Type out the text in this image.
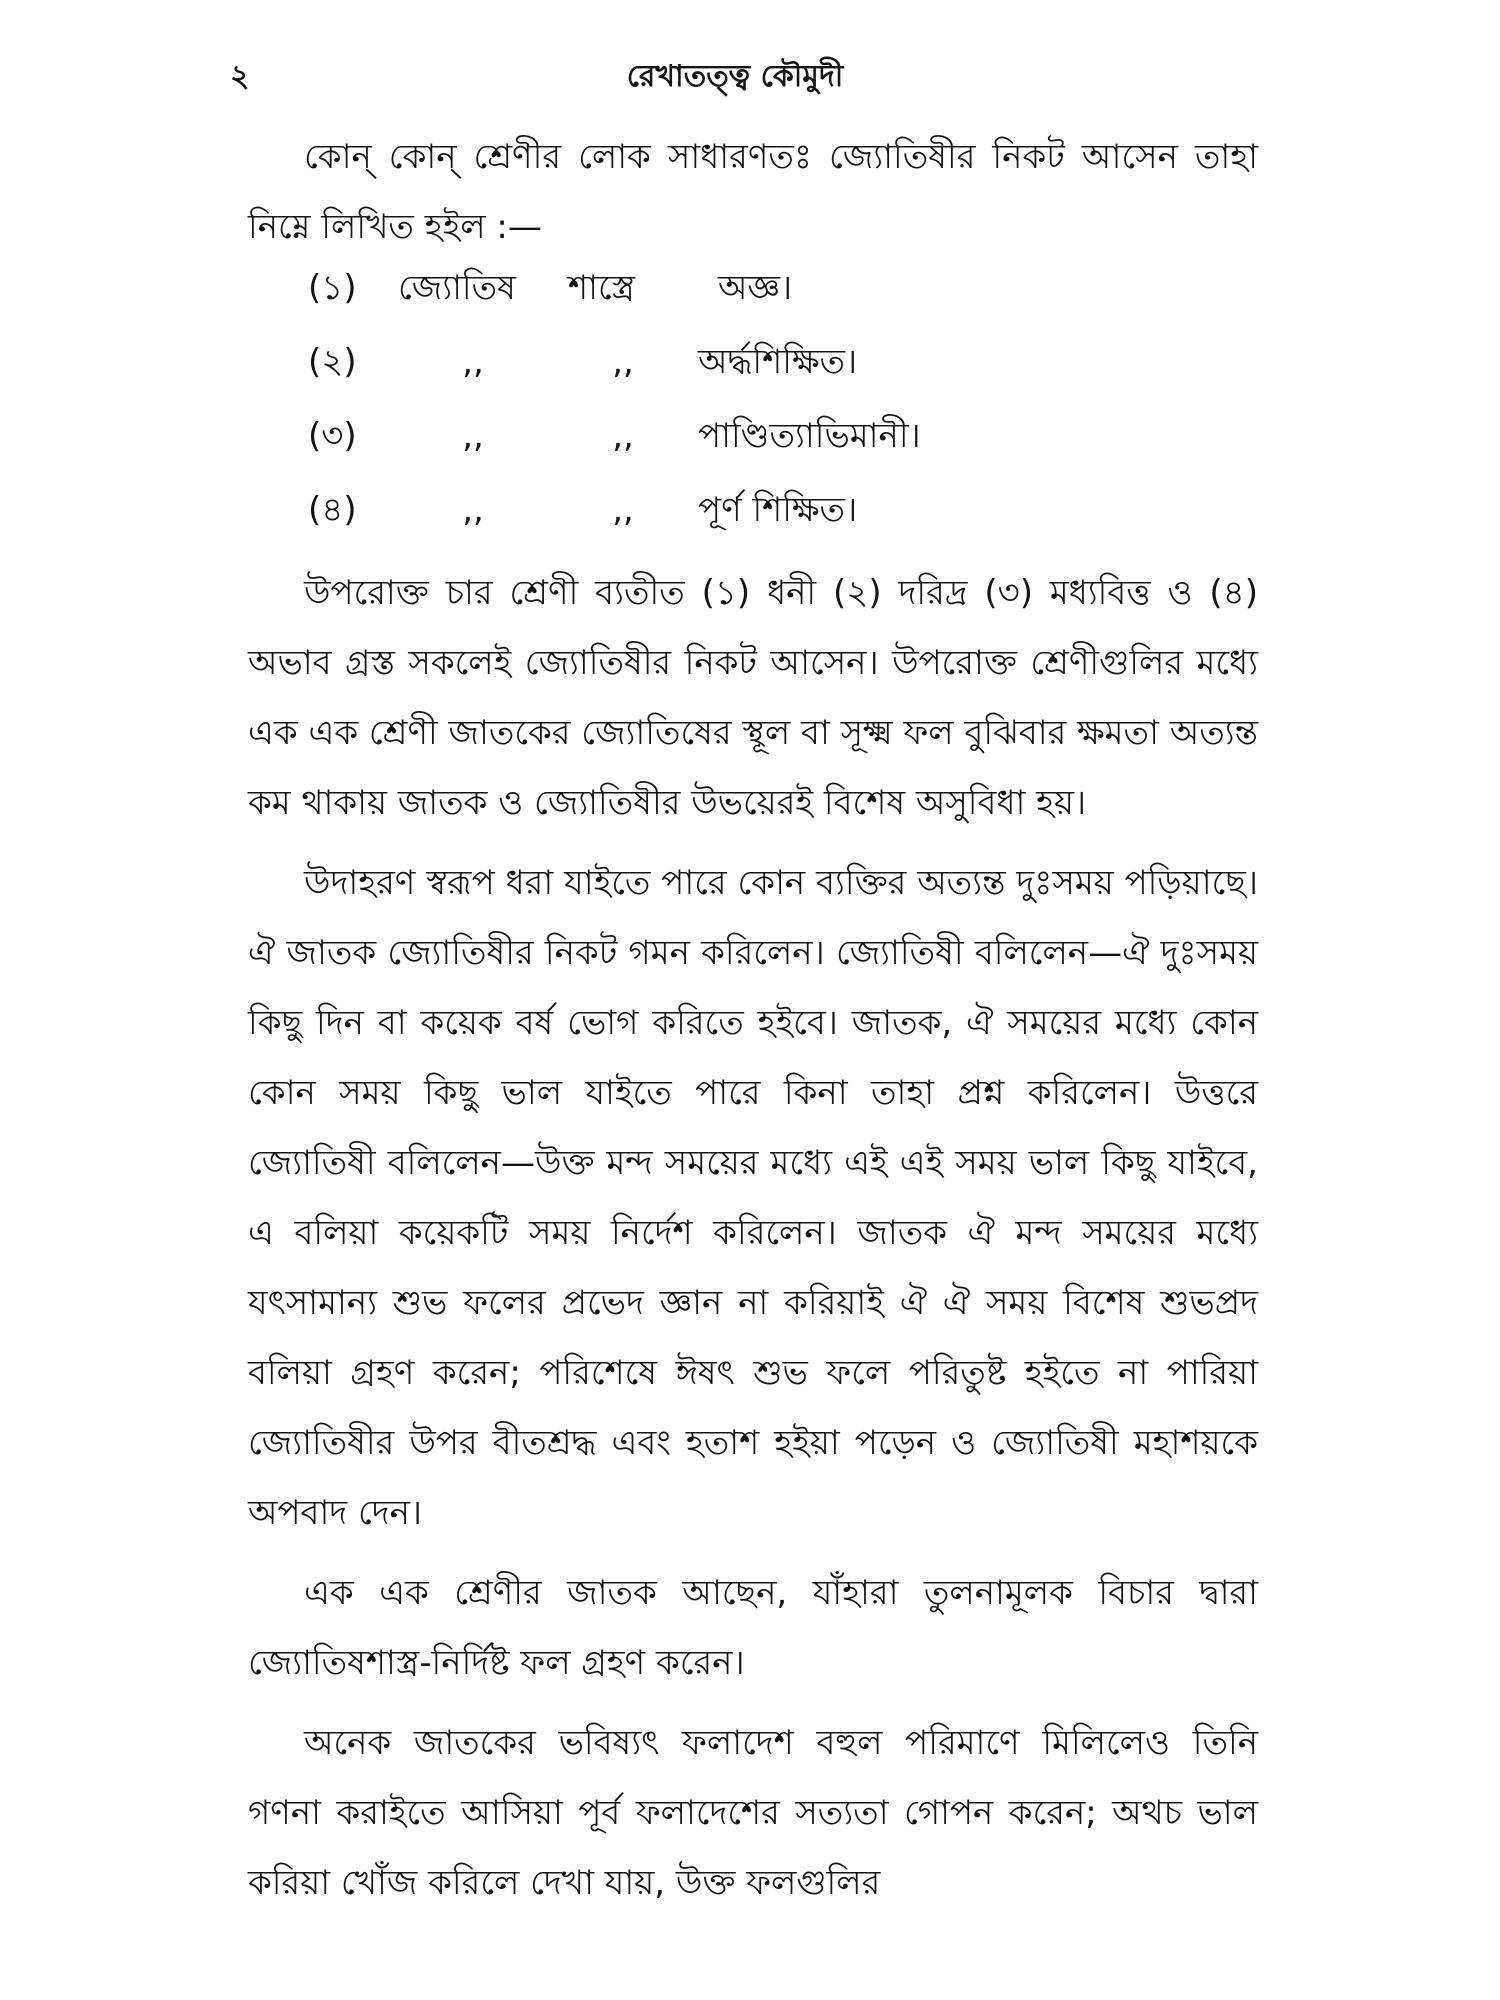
২	রেখাতত্ত্ব কৌমুদী

কোন্ কোন্ শ্রেণীর লোক সাধারণতঃ জ্যোতিষীর নিকট আসেন তাহা নিম্নে লিখিত হইল :—

(১)	জ্যোতিষ	শাস্ত্রে	অজ্ঞ।
(২)	,,	,,	অর্দ্ধশিক্ষিত।
(৩)	,,	,,	পাণ্ডিত্যাভিমানী।
(৪)	,,	,,	পূর্ণ শিক্ষিত।

উপরোক্ত চার শ্রেণী ব্যতীত (১) ধনী (২) দরিদ্র (৩) মধ্যবিত্ত ও (৪) অভাব গ্রস্ত সকলেই জ্যোতিষীর নিকট আসেন। উপরোক্ত শ্রেণীগুলির মধ্যে এক এক শ্রেণী জাতকের জ্যোতিষের স্থূল বা সূক্ষ্ম ফল বুঝিবার ক্ষমতা অত্যন্ত কম থাকায় জাতক ও জ্যোতিষীর উভয়েরই বিশেষ অসুবিধা হয়।

উদাহরণ স্বরূপ ধরা যাইতে পারে কোন ব্যক্তির অত্যন্ত দুঃসময় পড়িয়াছে। ঐ জাতক জ্যোতিষীর নিকট গমন করিলেন। জ্যোতিষী বলিলেন—ঐ দুঃসময় কিছু দিন বা কয়েক বর্ষ ভোগ করিতে হইবে। জাতক, ঐ সময়ের মধ্যে কোন কোন সময় কিছু ভাল যাইতে পারে কিনা তাহা প্রশ্ন করিলেন। উত্তরে জ্যোতিষী বলিলেন—উক্ত মন্দ সময়ের মধ্যে এই এই সময় ভাল কিছু যাইবে, এ বলিয়া কয়েকটি সময় নির্দেশ করিলেন। জাতক ঐ মন্দ সময়ের মধ্যে যৎসামান্য শুভ ফলের প্রভেদ জ্ঞান না করিয়াই ঐ ঐ সময় বিশেষ শুভপ্রদ বলিয়া গ্রহণ করেন; পরিশেষে ঈষৎ শুভ ফলে পরিতুষ্ট হইতে না পারিয়া জ্যোতিষীর উপর বীতশ্রদ্ধ এবং হতাশ হইয়া পড়েন ও জ্যোতিষী মহাশয়কে অপবাদ দেন।

এক এক শ্রেণীর জাতক আছেন, যাঁহারা তুলনামূলক বিচার দ্বারা জ্যোতিষশাস্ত্র-নির্দিষ্ট ফল গ্রহণ করেন।

অনেক জাতকের ভবিষ্যৎ ফলাদেশ বহুল পরিমাণে মিলিলেও তিনি গণনা করাইতে আসিয়া পূর্ব ফলাদেশের সত্যতা গোপন করেন; অথচ ভাল করিয়া খোঁজ করিলে দেখা যায়, উক্ত ফলগুলির
